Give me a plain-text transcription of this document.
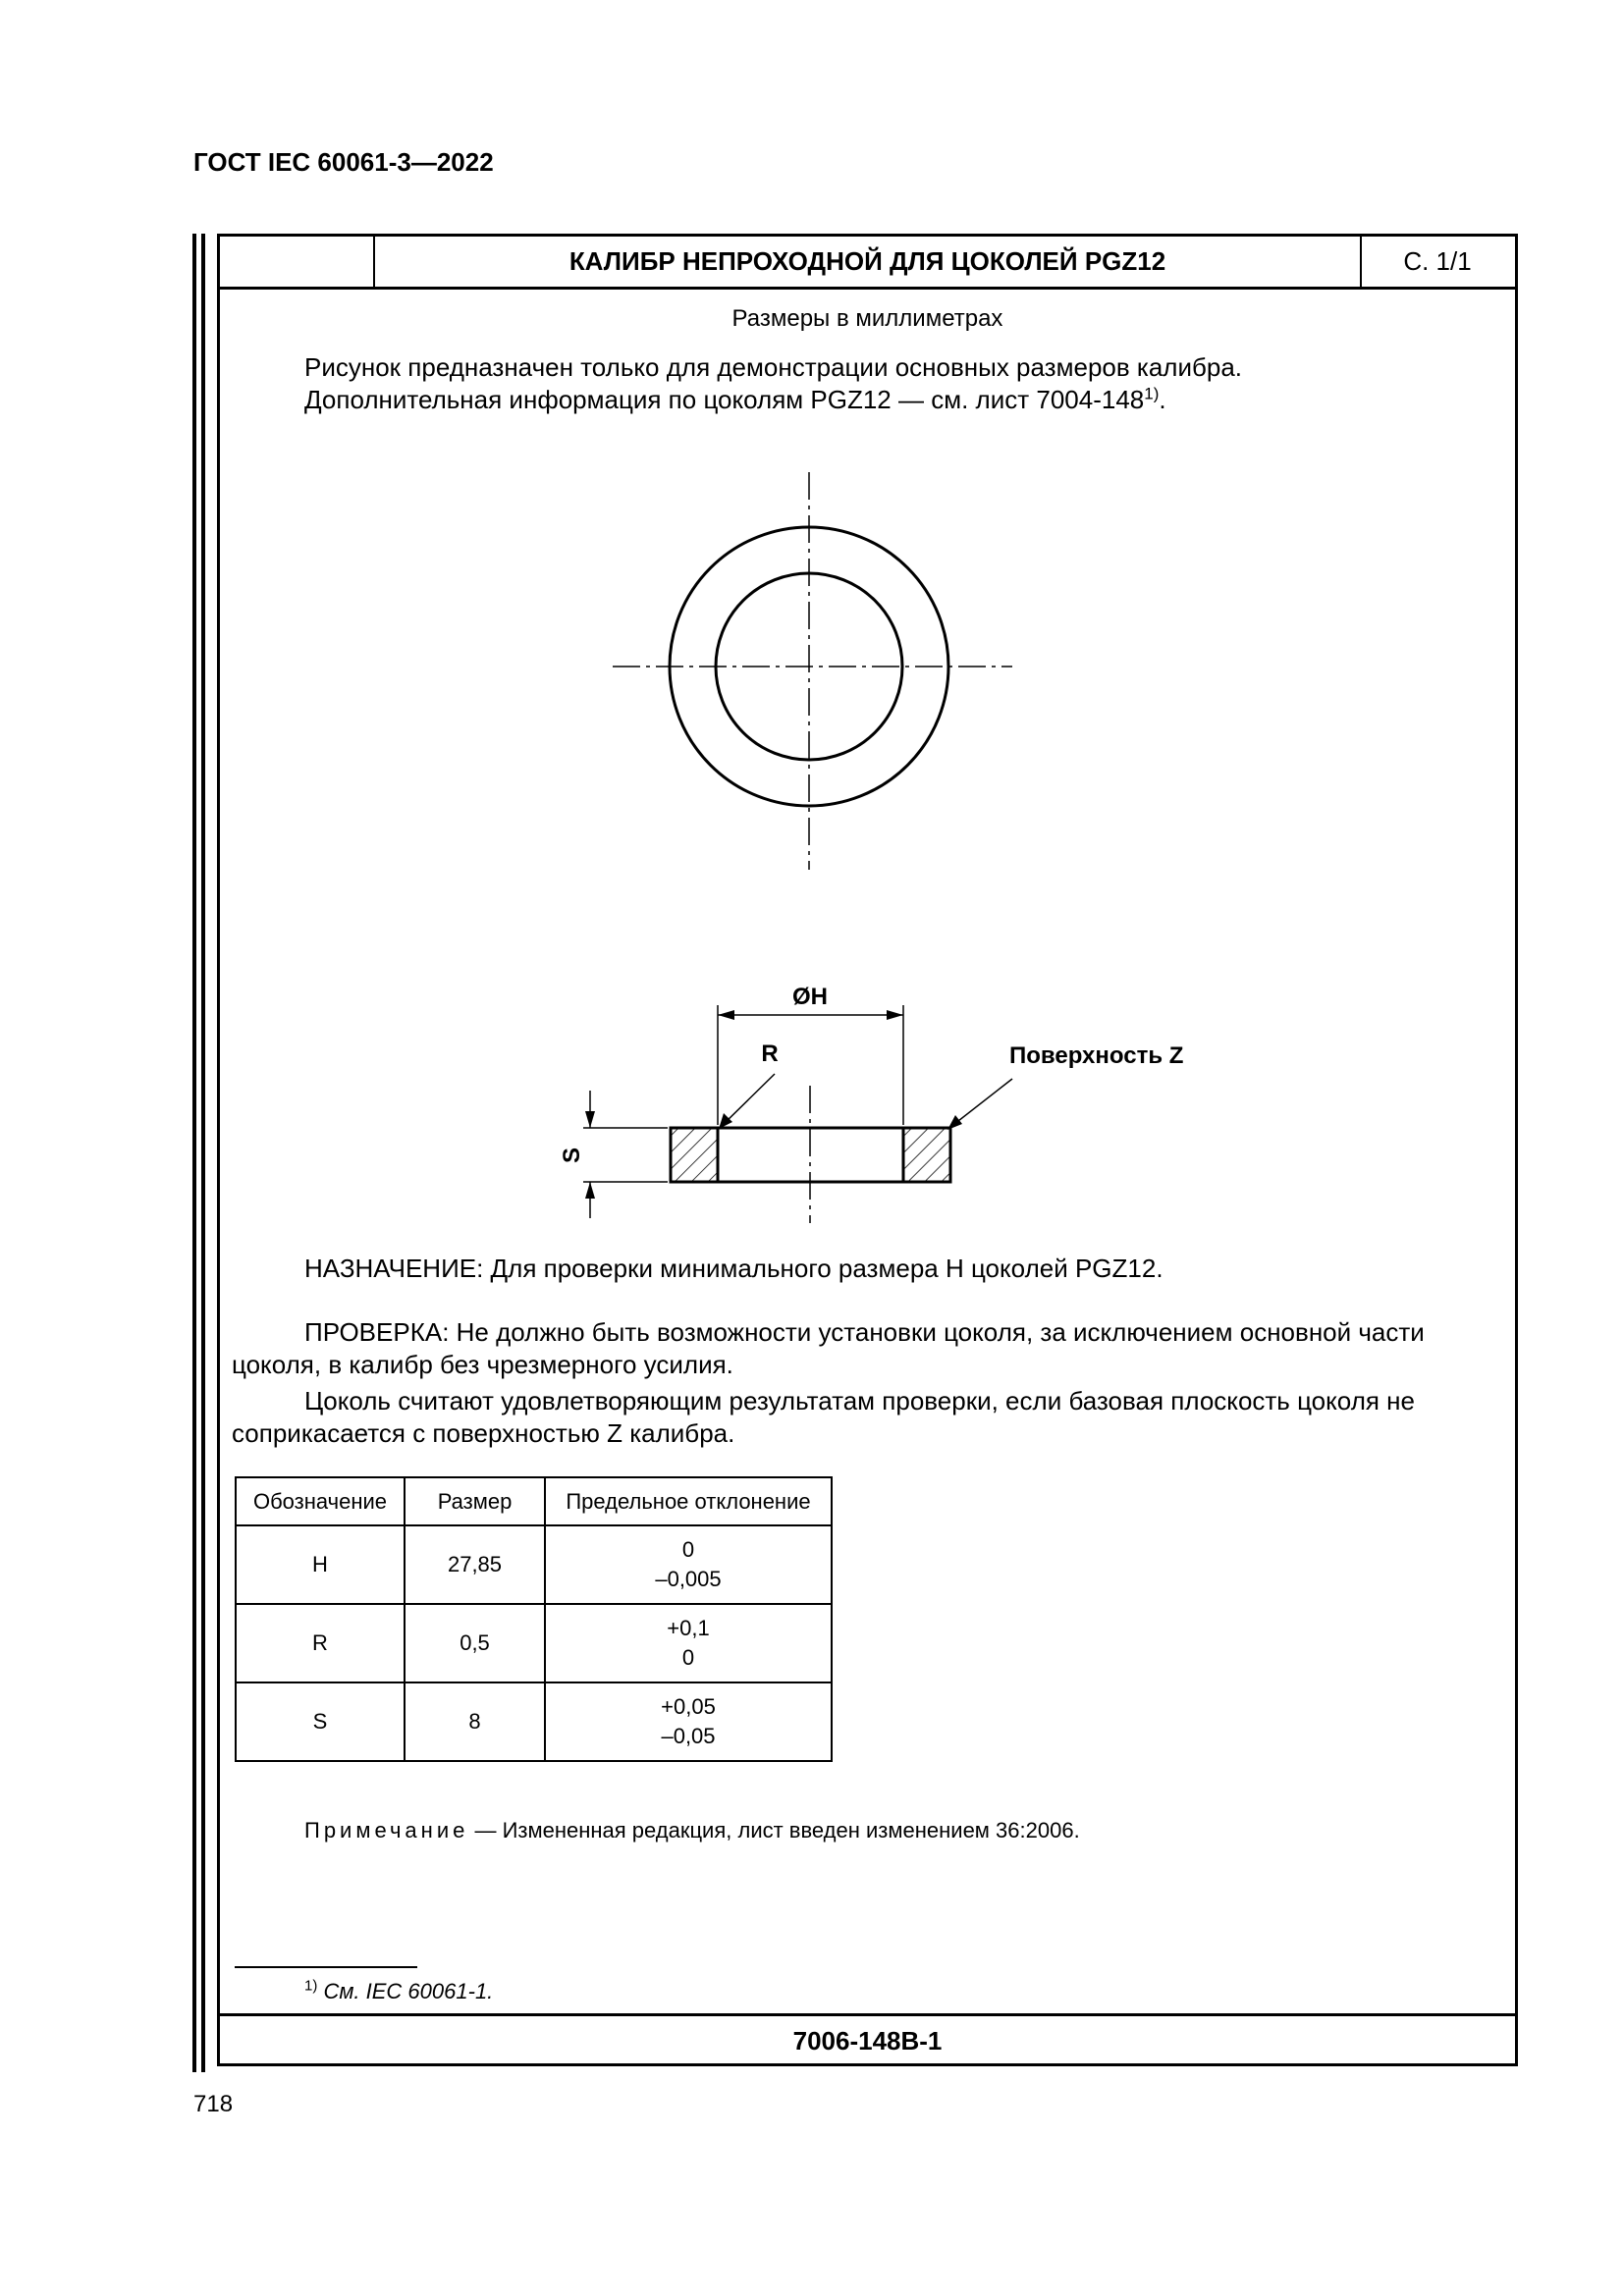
ГОСТ IEC 60061-3—2022
КАЛИБР НЕПРОХОДНОЙ ДЛЯ ЦОКОЛЕЙ PGZ12	С. 1/1
Размеры в миллиметрах
Рисунок предназначен только для демонстрации основных размеров калибра.
Дополнительная информация по цоколям PGZ12 — см. лист 7004-148$^{1)}$.
ØH
R	Поверхность Z
S
НАЗНАЧЕНИЕ: Для проверки минимального размера H цоколей PGZ12.
ПРОВЕРКА: Не должно быть возможности установки цоколя, за исключением основной части цоколя, в калибр без чрезмерного усилия.
Цоколь считают удовлетворяющим результатам проверки, если базовая плоскость цоколя не соприкасается с поверхностью Z калибра.
Обозначение	Размер	Предельное отклонение
H	27,85	0
–0,005

R	0,5	+0,1
0

S	8	+0,05
–0,05
Примечание — Измененная редакция, лист введен изменением 36:2006.
$^{1)}$ См. IEC 60061-1.
7006-148B-1
718
